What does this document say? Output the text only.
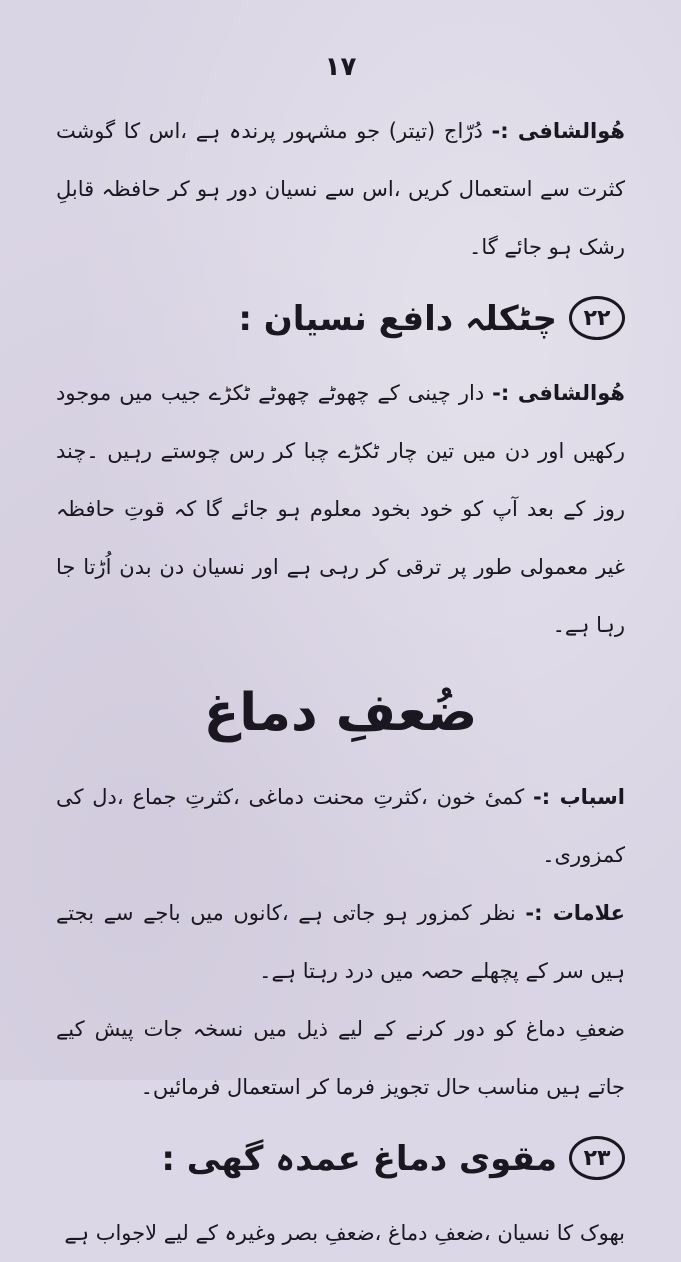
۱۷

ھُوالشافی :- دُرّاج (تیتر) جو مشہور پرندہ ہے ،اس کا گوشت کثرت سے استعمال کریں ،اس سے نسیان دور ہو کر حافظہ قابلِ رشک ہو جائے گا۔

۲۲
چٹکلہ دافع نسیان :

ھُوالشافی :- دار چینی کے چھوٹے چھوٹے ٹکڑے جیب میں موجود رکھیں اور دن میں تین چار ٹکڑے چبا کر رس چوستے رہیں ۔چند روز کے بعد آپ کو خود بخود معلوم ہو جائے گا کہ قوتِ حافظہ غیر معمولی طور پر ترقی کر رہی ہے اور نسیان دن بدن اُڑتا جا رہا ہے۔

ضُعفِ دماغ

اسباب :- کمیٔ خون ،کثرتِ محنت دماغی ،کثرتِ جماع ،دل کی کمزوری۔

علامات :- نظر کمزور ہو جاتی ہے ،کانوں میں باجے سے بجتے ہیں سر کے پچھلے حصہ میں درد رہتا ہے۔

ضعفِ دماغ کو دور کرنے کے لیے ذیل میں نسخہ جات پیش کیے جاتے ہیں مناسب حال تجویز فرما کر استعمال فرمائیں۔

۲۳
مقوی دماغ عمدہ گھی :

بھوک کا نسیان ،ضعفِ دماغ ،ضعفِ بصر وغیرہ کے لیے لاجواب ہے
